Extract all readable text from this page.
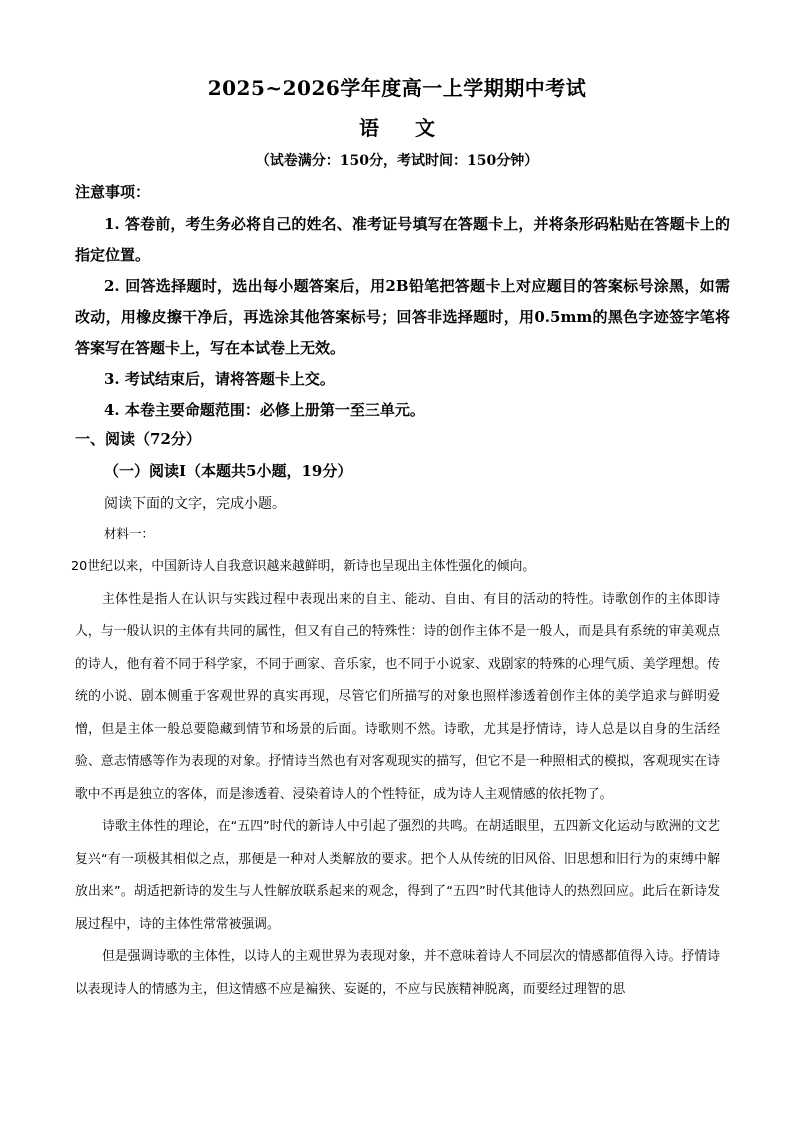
2025~2026学年度高一上学期期中考试
语文
（试卷满分：150分，考试时间：150分钟）
注意事项：

1. 答卷前，考生务必将自己的姓名、准考证号填写在答题卡上，并将条形码粘贴在答题卡上的指定位置。

2. 回答选择题时，选出每小题答案后，用2B铅笔把答题卡上对应题目的答案标号涂黑，如需改动，用橡皮擦干净后，再选涂其他答案标号；回答非选择题时，用0.5mm的黑色字迹签字笔将答案写在答题卡上，写在本试卷上无效。

3. 考试结束后，请将答题卡上交。

4. 本卷主要命题范围：必修上册第一至三单元。

一、阅读（72分）
（一）阅读Ⅰ（本题共5小题，19分）
阅读下面的文字，完成小题。
材料一：

20世纪以来，中国新诗人自我意识越来越鲜明，新诗也呈现出主体性强化的倾向。

主体性是指人在认识与实践过程中表现出来的自主、能动、自由、有目的活动的特性。诗歌创作的主体即诗人，与一般认识的主体有共同的属性，但又有自己的特殊性：诗的创作主体不是一般人，而是具有系统的审美观点的诗人，他有着不同于科学家，不同于画家、音乐家，也不同于小说家、戏剧家的特殊的心理气质、美学理想。传统的小说、剧本侧重于客观世界的真实再现，尽管它们所描写的对象也照样渗透着创作主体的美学追求与鲜明爱憎，但是主体一般总要隐藏到情节和场景的后面。诗歌则不然。诗歌，尤其是抒情诗，诗人总是以自身的生活经验、意志情感等作为表现的对象。抒情诗当然也有对客观现实的描写，但它不是一种照相式的模拟，客观现实在诗歌中不再是独立的客体，而是渗透着、浸染着诗人的个性特征，成为诗人主观情感的依托物了。

诗歌主体性的理论，在“五四”时代的新诗人中引起了强烈的共鸣。在胡适眼里，五四新文化运动与欧洲的文艺复兴“有一项极其相似之点，那便是一种对人类解放的要求。把个人从传统的旧风俗、旧思想和旧行为的束缚中解放出来”。胡适把新诗的发生与人性解放联系起来的观念，得到了“五四”时代其他诗人的热烈回应。此后在新诗发展过程中，诗的主体性常常被强调。

但是强调诗歌的主体性，以诗人的主观世界为表现对象，并不意味着诗人不同层次的情感都值得入诗。抒情诗以表现诗人的情感为主，但这情感不应是褊狭、妄诞的，不应与民族精神脱离，而要经过理智的思
